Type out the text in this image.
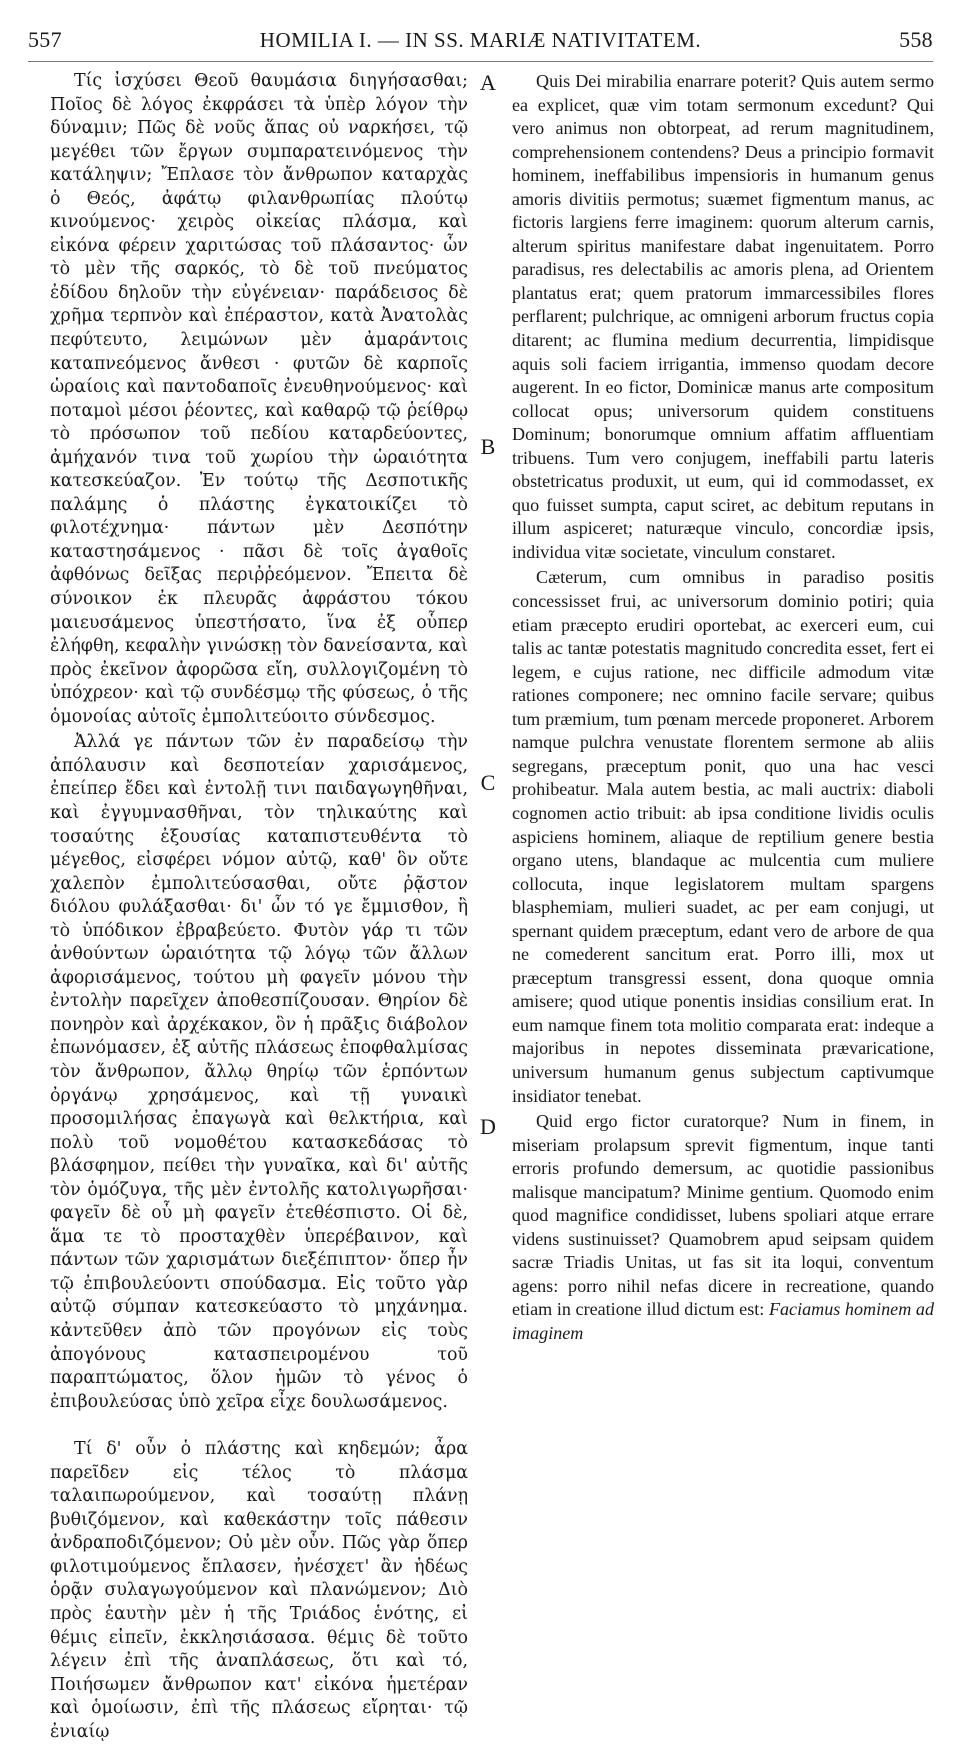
557	HOMILIA I. — IN SS. MARIÆ NATIVITATEM.	558

Τίς ἰσχύσει Θεοῦ θαυμάσια διηγήσασθαι; Ποῖος δὲ λόγος ἐκφράσει τὰ ὑπὲρ λόγον τὴν δύναμιν; Πῶς δὲ νοῦς ἅπας οὐ ναρκήσει, τῷ μεγέθει τῶν ἔργων συμπαρατεινόμενος τὴν κατάληψιν; Ἔπλασε τὸν ἄνθρωπον καταρχὰς ὁ Θεός, ἀφάτῳ φιλανθρωπίας πλούτῳ κινούμενος· χειρὸς οἰκείας πλάσμα, καὶ εἰκόνα φέρειν χαριτώσας τοῦ πλάσαντος· ὧν τὸ μὲν τῆς σαρκός, τὸ δὲ τοῦ πνεύματος ἐδίδου δηλοῦν τὴν εὐγένειαν· παράδεισος δὲ χρῆμα τερπνὸν καὶ ἐπέραστον, κατὰ Ἀνατολὰς πεφύτευτο, λειμώνων μὲν ἀμαράντοις καταπνεόμενος ἄνθεσι · φυτῶν δὲ καρποῖς ὡραίοις καὶ παντοδαποῖς ἐνευθηνούμενος· καὶ ποταμοὶ μέσοι ῥέοντες, καὶ καθαρῷ τῷ ῥείθρῳ τὸ πρόσωπον τοῦ πεδίου καταρδεύοντες, ἀμήχανόν τινα τοῦ χωρίου τὴν ὡραιότητα κατεσκεύαζον. Ἐν τούτῳ τῆς Δεσποτικῆς παλάμης ὁ πλάστης ἐγκατοικίζει τὸ φιλοτέχνημα· πάντων μὲν Δεσπότην καταστησάμενος · πᾶσι δὲ τοῖς ἀγαθοῖς ἀφθόνως δεῖξας περιῤῥεόμενον. Ἔπειτα δὲ σύνοικον ἐκ πλευρᾶς ἀφράστου τόκου μαιευσάμενος ὑπεστήσατο, ἵνα ἐξ οὗπερ ἐλήφθη, κεφαλὴν γινώσκῃ τὸν δανείσαντα, καὶ πρὸς ἐκεῖνον ἀφορῶσα εἴη, συλλογιζομένη τὸ ὑπόχρεον· καὶ τῷ συνδέσμῳ τῆς φύσεως, ὁ τῆς ὁμονοίας αὐτοῖς ἐμπολιτεύοιτο σύνδεσμος.

Ἀλλά γε πάντων τῶν ἐν παραδείσῳ τὴν ἀπόλαυσιν καὶ δεσποτείαν χαρισάμενος, ἐπείπερ ἔδει καὶ ἐντολῇ τινι παιδαγωγηθῆναι, καὶ ἐγγυμνασθῆναι, τὸν τηλικαύτης καὶ τοσαύτης ἐξουσίας καταπιστευθέντα τὸ μέγεθος, εἰσφέρει νόμον αὐτῷ, καθ' ὃν οὔτε χαλεπὸν ἐμπολιτεύσασθαι, οὔτε ῥᾷστον διόλου φυλάξασθαι· δι' ὧν τό γε ἔμμισθον, ἢ τὸ ὑπόδικον ἐβραβεύετο. Φυτὸν γάρ τι τῶν ἀνθούντων ὡραιότητα τῷ λόγῳ τῶν ἄλλων ἀφορισάμενος, τούτου μὴ φαγεῖν μόνου τὴν ἐντολὴν παρεῖχεν ἀποθεσπίζουσαν. Θηρίον δὲ πονηρὸν καὶ ἀρχέκακον, ὃν ἡ πρᾶξις διάβολον ἐπωνόμασεν, ἐξ αὐτῆς πλάσεως ἐποφθαλμίσας τὸν ἄνθρωπον, ἄλλῳ θηρίῳ τῶν ἑρπόντων ὀργάνῳ χρησάμενος, καὶ τῇ γυναικὶ προσομιλήσας ἐπαγωγὰ καὶ θελκτήρια, καὶ πολὺ τοῦ νομοθέτου κατασκεδάσας τὸ βλάσφημον, πείθει τὴν γυναῖκα, καὶ δι' αὐτῆς τὸν ὁμόζυγα, τῆς μὲν ἐντολῆς κατολιγωρῆσαι· φαγεῖν δὲ οὗ μὴ φαγεῖν ἐτεθέσπιστο. Οἱ δὲ, ἅμα τε τὸ προσταχθὲν ὑπερέβαινον, καὶ πάντων τῶν χαρισμάτων διεξέπιπτον· ὅπερ ἦν τῷ ἐπιβουλεύοντι σπούδασμα. Εἰς τοῦτο γὰρ αὐτῷ σύμπαν κατεσκεύαστο τὸ μηχάνημα. κἀντεῦθεν ἀπὸ τῶν προγόνων εἰς τοὺς ἀπογόνους κατασπειρομένου τοῦ παραπτώματος, ὅλον ἡμῶν τὸ γένος ὁ ἐπιβουλεύσας ὑπὸ χεῖρα εἶχε δουλωσάμενος.

Τί δ' οὖν ὁ πλάστης καὶ κηδεμών; ἆρα παρεῖδεν εἰς τέλος τὸ πλάσμα ταλαιπωρούμενον, καὶ τοσαύτῃ πλάνῃ βυθιζόμενον, καὶ καθεκάστην τοῖς πάθεσιν ἀνδραποδιζόμενον; Οὐ μὲν οὖν. Πῶς γὰρ ὅπερ φιλοτιμούμενος ἔπλασεν, ἠνέσχετ' ἂν ἡδέως ὁρᾷν συλαγωγούμενον καὶ πλανώμενον; Διὸ πρὸς ἑαυτὴν μὲν ἡ τῆς Τριάδος ἑνότης, εἰ θέμις εἰπεῖν, ἐκκλησιάσασα. θέμις δὲ τοῦτο λέγειν ἐπὶ τῆς ἀναπλάσεως, ὅτι καὶ τό, Ποιήσωμεν ἄνθρωπον κατ' εἰκόνα ἡμετέραν καὶ ὁμοίωσιν, ἐπὶ τῆς πλάσεως εἴρηται· τῷ ἐνιαίῳ

A
B
C
D

Quis Dei mirabilia enarrare poterit? Quis autem sermo ea explicet, quæ vim totam sermonum excedunt? Qui vero animus non obtorpeat, ad rerum magnitudinem, comprehensionem contendens? Deus a principio formavit hominem, ineffabilibus impensioris in humanum genus amoris divitiis permotus; suæmet figmentum manus, ac fictoris largiens ferre imaginem: quorum alterum carnis, alterum spiritus manifestare dabat ingenuitatem. Porro paradisus, res delectabilis ac amoris plena, ad Orientem plantatus erat; quem pratorum immarcessibiles flores perflarent; pulchrique, ac omnigeni arborum fructus copia ditarent; ac flumina medium decurrentia, limpidisque aquis soli faciem irrigantia, immenso quodam decore augerent. In eo fictor, Dominicæ manus arte compositum collocat opus; universorum quidem constituens Dominum; bonorumque omnium affatim affluentiam tribuens. Tum vero conjugem, ineffabili partu lateris obstetricatus produxit, ut eum, qui id commodasset, ex quo fuisset sumpta, caput sciret, ac debitum reputans in illum aspiceret; naturæque vinculo, concordiæ ipsis, individua vitæ societate, vinculum constaret.

Cæterum, cum omnibus in paradiso positis concessisset frui, ac universorum dominio potiri; quia etiam præcepto erudiri oportebat, ac exerceri eum, cui talis ac tantæ potestatis magnitudo concredita esset, fert ei legem, e cujus ratione, nec difficile admodum vitæ rationes componere; nec omnino facile servare; quibus tum præmium, tum pœnam mercede proponeret. Arborem namque pulchra venustate florentem sermone ab aliis segregans, præceptum ponit, quo una hac vesci prohibeatur. Mala autem bestia, ac mali auctrix: diaboli cognomen actio tribuit: ab ipsa conditione lividis oculis aspiciens hominem, aliaque de reptilium genere bestia organo utens, blandaque ac mulcentia cum muliere collocuta, inque legislatorem multam spargens blasphemiam, mulieri suadet, ac per eam conjugi, ut spernant quidem præceptum, edant vero de arbore de qua ne comederent sancitum erat. Porro illi, mox ut præceptum transgressi essent, dona quoque omnia amisere; quod utique ponentis insidias consilium erat. In eum namque finem tota molitio comparata erat: indeque a majoribus in nepotes disseminata prævaricatione, universum humanum genus subjectum captivumque insidiator tenebat.

Quid ergo fictor curatorque? Num in finem, in miseriam prolapsum sprevit figmentum, inque tanti erroris profundo demersum, ac quotidie passionibus malisque mancipatum? Minime gentium. Quomodo enim quod magnifice condidisset, lubens spoliari atque errare videns sustinuisset? Quamobrem apud seipsam quidem sacræ Triadis Unitas, ut fas sit ita loqui, conventum agens: porro nihil nefas dicere in recreatione, quando etiam in creatione illud dictum est: Faciamus hominem ad imaginem
